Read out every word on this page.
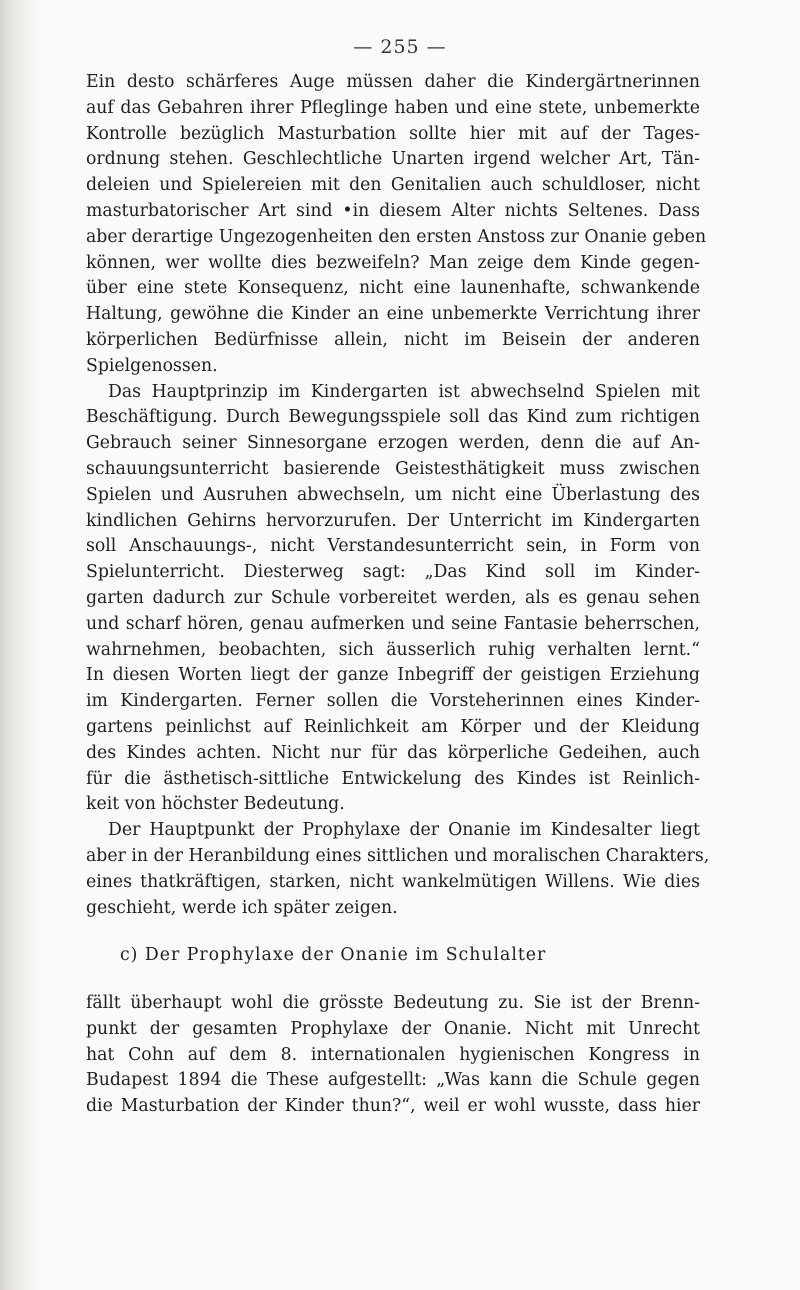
— 255 —
Ein desto schärferes Auge müssen daher die Kindergärtnerinnen
auf das Gebahren ihrer Pfleglinge haben und eine stete, unbemerkte
Kontrolle bezüglich Masturbation sollte hier mit auf der Tages-
ordnung stehen. Geschlechtliche Unarten irgend welcher Art, Tän-
deleien und Spielereien mit den Genitalien auch schuldloser, nicht
masturbatorischer Art sind •in diesem Alter nichts Seltenes. Dass
aber derartige Ungezogenheiten den ersten Anstoss zur Onanie geben
können, wer wollte dies bezweifeln? Man zeige dem Kinde gegen-
über eine stete Konsequenz, nicht eine launenhafte, schwankende
Haltung, gewöhne die Kinder an eine unbemerkte Verrichtung ihrer
körperlichen Bedürfnisse allein, nicht im Beisein der anderen
Spielgenossen.
Das Hauptprinzip im Kindergarten ist abwechselnd Spielen mit
Beschäftigung. Durch Bewegungsspiele soll das Kind zum richtigen
Gebrauch seiner Sinnesorgane erzogen werden, denn die auf An-
schauungsunterricht basierende Geistesthätigkeit muss zwischen
Spielen und Ausruhen abwechseln, um nicht eine Überlastung des
kindlichen Gehirns hervorzurufen. Der Unterricht im Kindergarten
soll Anschauungs-, nicht Verstandesunterricht sein, in Form von
Spielunterricht. Diesterweg sagt: „Das Kind soll im Kinder-
garten dadurch zur Schule vorbereitet werden, als es genau sehen
und scharf hören, genau aufmerken und seine Fantasie beherrschen,
wahrnehmen, beobachten, sich äusserlich ruhig verhalten lernt.“
In diesen Worten liegt der ganze Inbegriff der geistigen Erziehung
im Kindergarten. Ferner sollen die Vorsteherinnen eines Kinder-
gartens peinlichst auf Reinlichkeit am Körper und der Kleidung
des Kindes achten. Nicht nur für das körperliche Gedeihen, auch
für die ästhetisch-sittliche Entwickelung des Kindes ist Reinlich-
keit von höchster Bedeutung.
Der Hauptpunkt der Prophylaxe der Onanie im Kindesalter liegt
aber in der Heranbildung eines sittlichen und moralischen Charakters,
eines thatkräftigen, starken, nicht wankelmütigen Willens. Wie dies
geschieht, werde ich später zeigen.
c) Der Prophylaxe der Onanie im Schulalter
fällt überhaupt wohl die grösste Bedeutung zu. Sie ist der Brenn-
punkt der gesamten Prophylaxe der Onanie. Nicht mit Unrecht
hat Cohn auf dem 8. internationalen hygienischen Kongress in
Budapest 1894 die These aufgestellt: „Was kann die Schule gegen
die Masturbation der Kinder thun?“, weil er wohl wusste, dass hier
